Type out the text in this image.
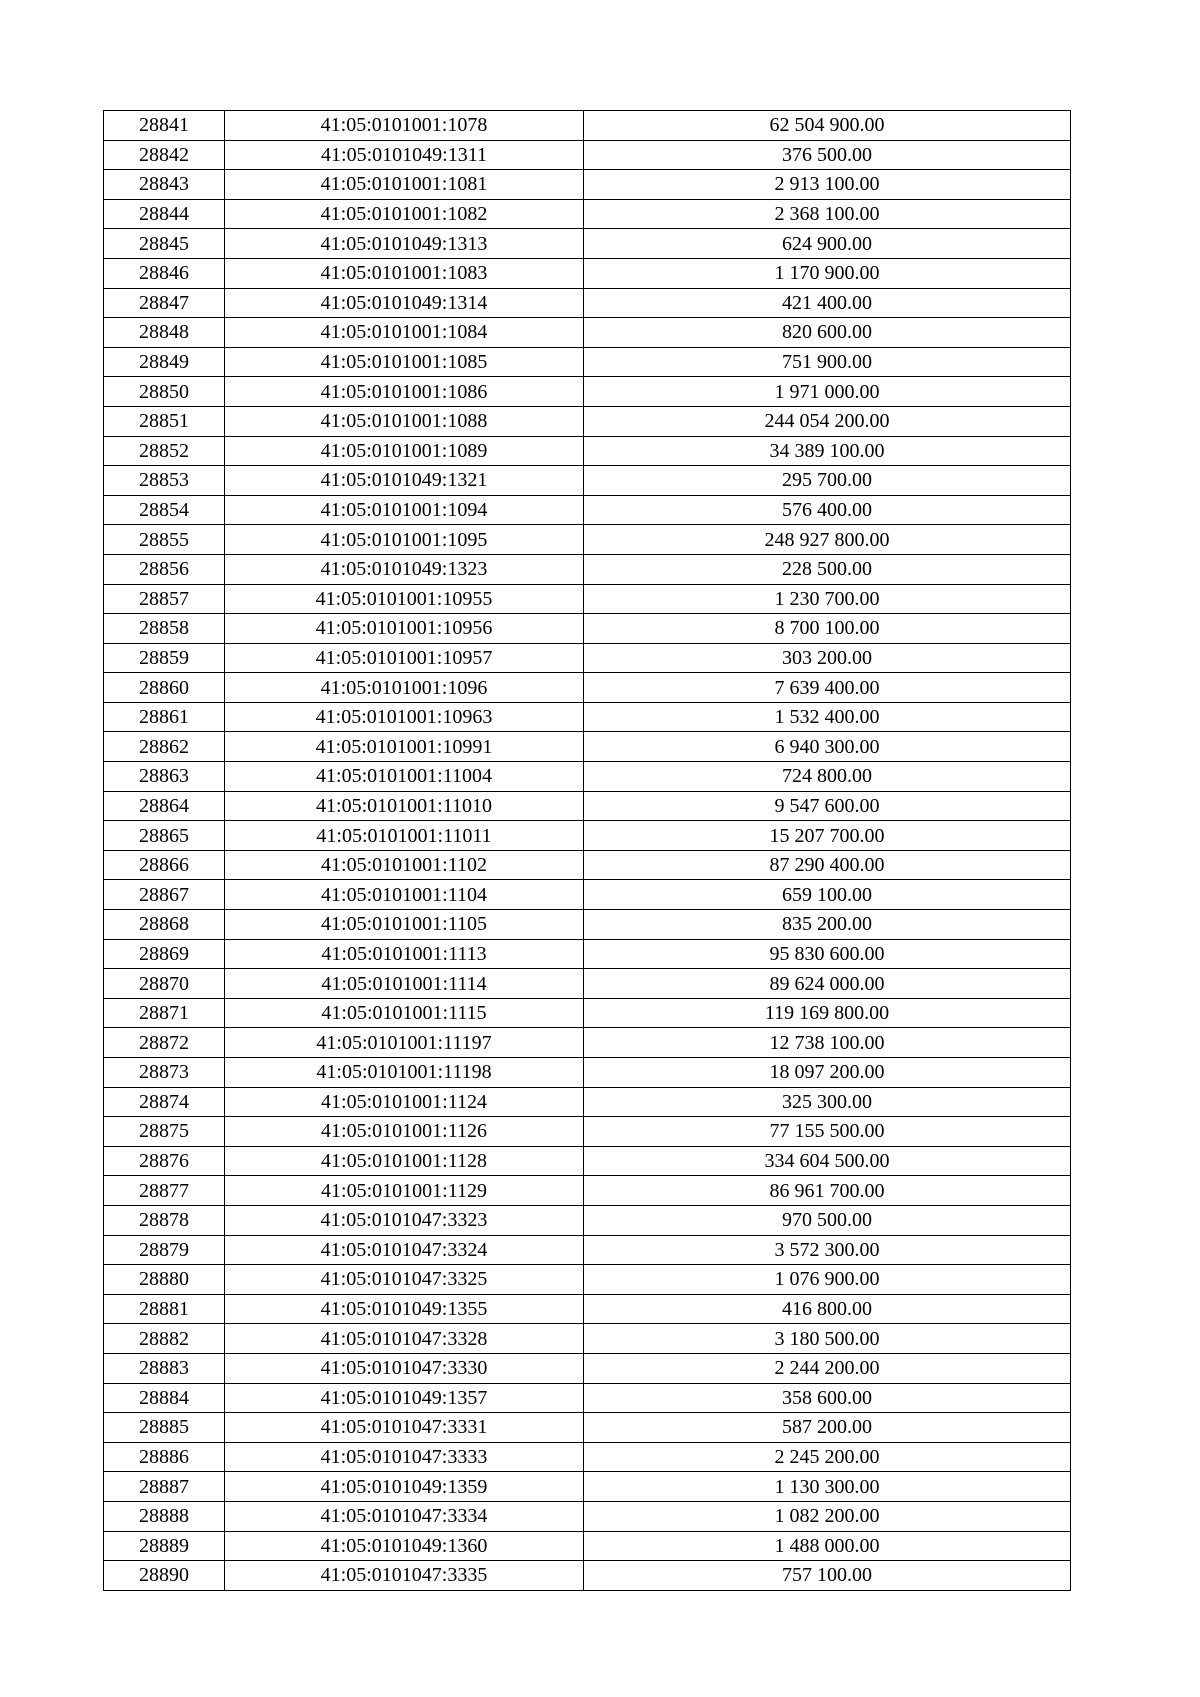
28841	41:05:0101001:1078	62 504 900.00
28842	41:05:0101049:1311	376 500.00
28843	41:05:0101001:1081	2 913 100.00
28844	41:05:0101001:1082	2 368 100.00
28845	41:05:0101049:1313	624 900.00
28846	41:05:0101001:1083	1 170 900.00
28847	41:05:0101049:1314	421 400.00
28848	41:05:0101001:1084	820 600.00
28849	41:05:0101001:1085	751 900.00
28850	41:05:0101001:1086	1 971 000.00
28851	41:05:0101001:1088	244 054 200.00
28852	41:05:0101001:1089	34 389 100.00
28853	41:05:0101049:1321	295 700.00
28854	41:05:0101001:1094	576 400.00
28855	41:05:0101001:1095	248 927 800.00
28856	41:05:0101049:1323	228 500.00
28857	41:05:0101001:10955	1 230 700.00
28858	41:05:0101001:10956	8 700 100.00
28859	41:05:0101001:10957	303 200.00
28860	41:05:0101001:1096	7 639 400.00
28861	41:05:0101001:10963	1 532 400.00
28862	41:05:0101001:10991	6 940 300.00
28863	41:05:0101001:11004	724 800.00
28864	41:05:0101001:11010	9 547 600.00
28865	41:05:0101001:11011	15 207 700.00
28866	41:05:0101001:1102	87 290 400.00
28867	41:05:0101001:1104	659 100.00
28868	41:05:0101001:1105	835 200.00
28869	41:05:0101001:1113	95 830 600.00
28870	41:05:0101001:1114	89 624 000.00
28871	41:05:0101001:1115	119 169 800.00
28872	41:05:0101001:11197	12 738 100.00
28873	41:05:0101001:11198	18 097 200.00
28874	41:05:0101001:1124	325 300.00
28875	41:05:0101001:1126	77 155 500.00
28876	41:05:0101001:1128	334 604 500.00
28877	41:05:0101001:1129	86 961 700.00
28878	41:05:0101047:3323	970 500.00
28879	41:05:0101047:3324	3 572 300.00
28880	41:05:0101047:3325	1 076 900.00
28881	41:05:0101049:1355	416 800.00
28882	41:05:0101047:3328	3 180 500.00
28883	41:05:0101047:3330	2 244 200.00
28884	41:05:0101049:1357	358 600.00
28885	41:05:0101047:3331	587 200.00
28886	41:05:0101047:3333	2 245 200.00
28887	41:05:0101049:1359	1 130 300.00
28888	41:05:0101047:3334	1 082 200.00
28889	41:05:0101049:1360	1 488 000.00
28890	41:05:0101047:3335	757 100.00
